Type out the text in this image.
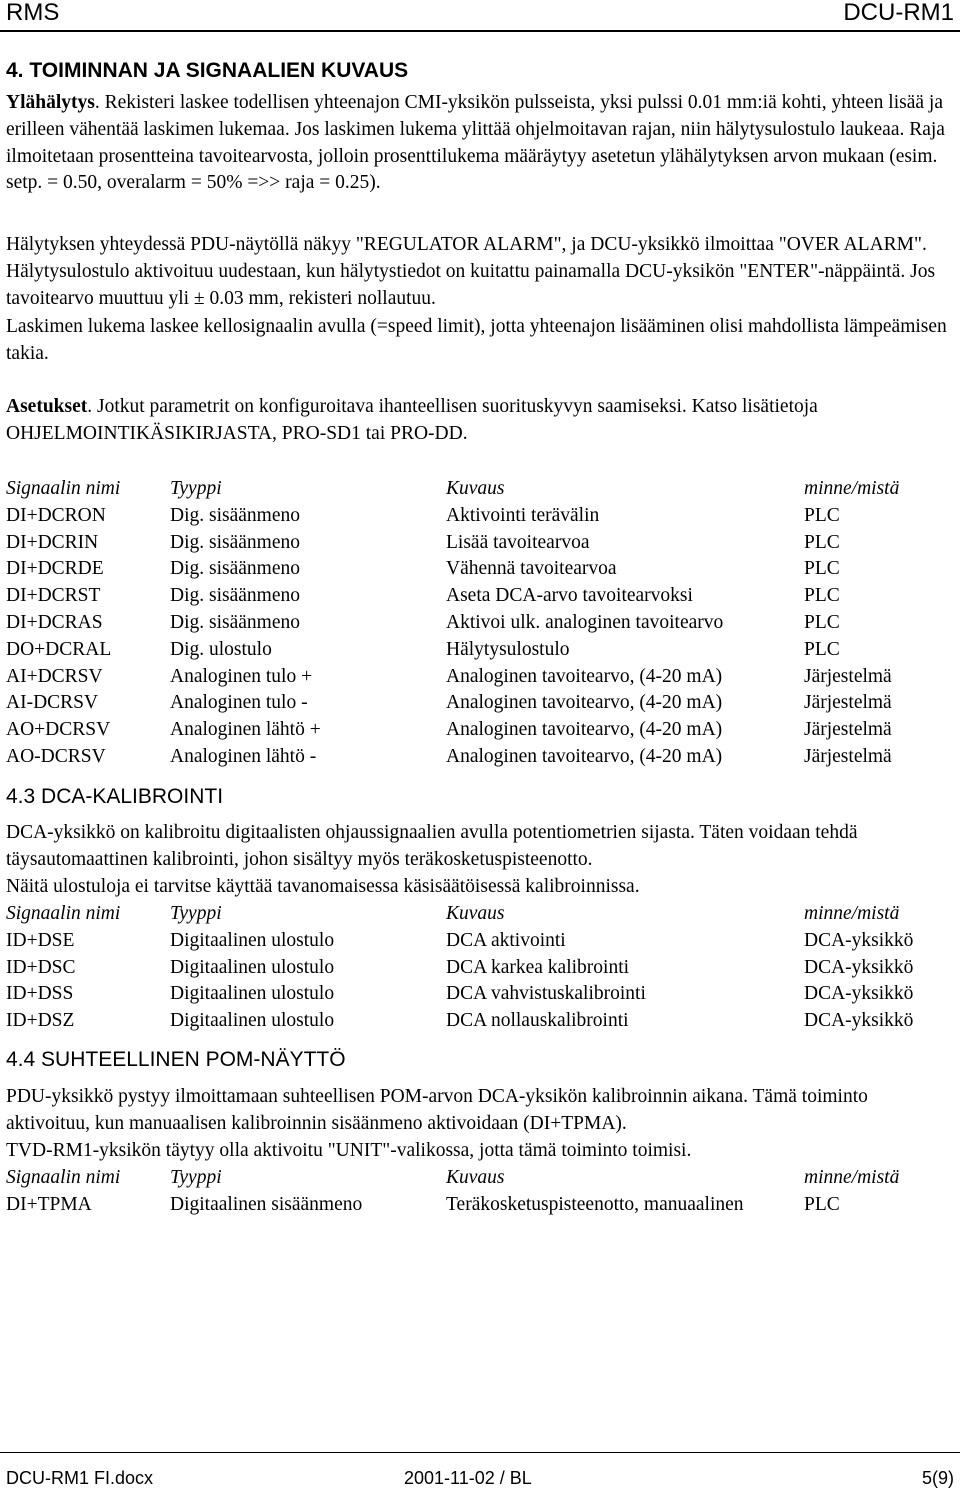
RMS	DCU-RM1
4. TOIMINNAN JA SIGNAALIEN KUVAUS

Ylähälytys. Rekisteri laskee todellisen yhteenajon CMI-yksikön pulsseista, yksi pulssi 0.01 mm:iä kohti, yhteen lisää ja erilleen vähentää laskimen lukemaa. Jos laskimen lukema ylittää ohjelmoitavan rajan, niin hälytysulostulo laukeaa. Raja ilmoitetaan prosentteina tavoitearvosta, jolloin prosenttilukema määräytyy asetetun ylähälytyksen arvon mukaan (esim. setp. = 0.50, overalarm = 50% =>> raja = 0.25).

Hälytyksen yhteydessä PDU-näytöllä näkyy "REGULATOR ALARM", ja DCU-yksikkö ilmoittaa "OVER ALARM". Hälytysulostulo aktivoituu uudestaan, kun hälytystiedot on kuitattu painamalla DCU-yksikön "ENTER"-näppäintä. Jos tavoitearvo muuttuu yli ± 0.03 mm, rekisteri nollautuu.

Laskimen lukema laskee kellosignaalin avulla (=speed limit), jotta yhteenajon lisääminen olisi mahdollista lämpeämisen takia.

Asetukset. Jotkut parametrit on konfiguroitava ihanteellisen suorituskyvyn saamiseksi. Katso lisätietoja OHJELMOINTIKÄSIKIRJASTA, PRO-SD1 tai PRO-DD.

Signaalin nimi	Tyyppi	Kuvaus	minne/mistä
DI+DCRON	Dig. sisäänmeno	Aktivointi terävälin	PLC
DI+DCRIN	Dig. sisäänmeno	Lisää tavoitearvoa	PLC
DI+DCRDE	Dig. sisäänmeno	Vähennä tavoitearvoa	PLC
DI+DCRST	Dig. sisäänmeno	Aseta DCA-arvo tavoitearvoksi	PLC
DI+DCRAS	Dig. sisäänmeno	Aktivoi ulk. analoginen tavoitearvo	PLC
DO+DCRAL	Dig. ulostulo	Hälytysulostulo	PLC
AI+DCRSV	Analoginen tulo +	Analoginen tavoitearvo, (4-20 mA)	Järjestelmä
AI-DCRSV	Analoginen tulo -	Analoginen tavoitearvo, (4-20 mA)	Järjestelmä
AO+DCRSV	Analoginen lähtö +	Analoginen tavoitearvo, (4-20 mA)	Järjestelmä
AO-DCRSV	Analoginen lähtö -	Analoginen tavoitearvo, (4-20 mA)	Järjestelmä
4.3 DCA-KALIBROINTI

DCA-yksikkö on kalibroitu digitaalisten ohjaussignaalien avulla potentiometrien sijasta. Täten voidaan tehdä täysautomaattinen kalibrointi, johon sisältyy myös teräkosketuspisteenotto.

Näitä ulostuloja ei tarvitse käyttää tavanomaisessa käsisäätöisessä kalibroinnissa.

Signaalin nimi	Tyyppi	Kuvaus	minne/mistä
ID+DSE	Digitaalinen ulostulo	DCA aktivointi	DCA-yksikkö
ID+DSC	Digitaalinen ulostulo	DCA karkea kalibrointi	DCA-yksikkö
ID+DSS	Digitaalinen ulostulo	DCA vahvistuskalibrointi	DCA-yksikkö
ID+DSZ	Digitaalinen ulostulo	DCA nollauskalibrointi	DCA-yksikkö
4.4 SUHTEELLINEN POM-NÄYTTÖ

PDU-yksikkö pystyy ilmoittamaan suhteellisen POM-arvon DCA-yksikön kalibroinnin aikana. Tämä toiminto aktivoituu, kun manuaalisen kalibroinnin sisäänmeno aktivoidaan (DI+TPMA).

TVD-RM1-yksikön täytyy olla aktivoitu "UNIT"-valikossa, jotta tämä toiminto toimisi.

Signaalin nimi	Tyyppi	Kuvaus	minne/mistä
DI+TPMA	Digitaalinen sisäänmeno	Teräkosketuspisteenotto, manuaalinen	PLC
DCU-RM1 FI.docx	2001-11-02 / BL	5(9)
